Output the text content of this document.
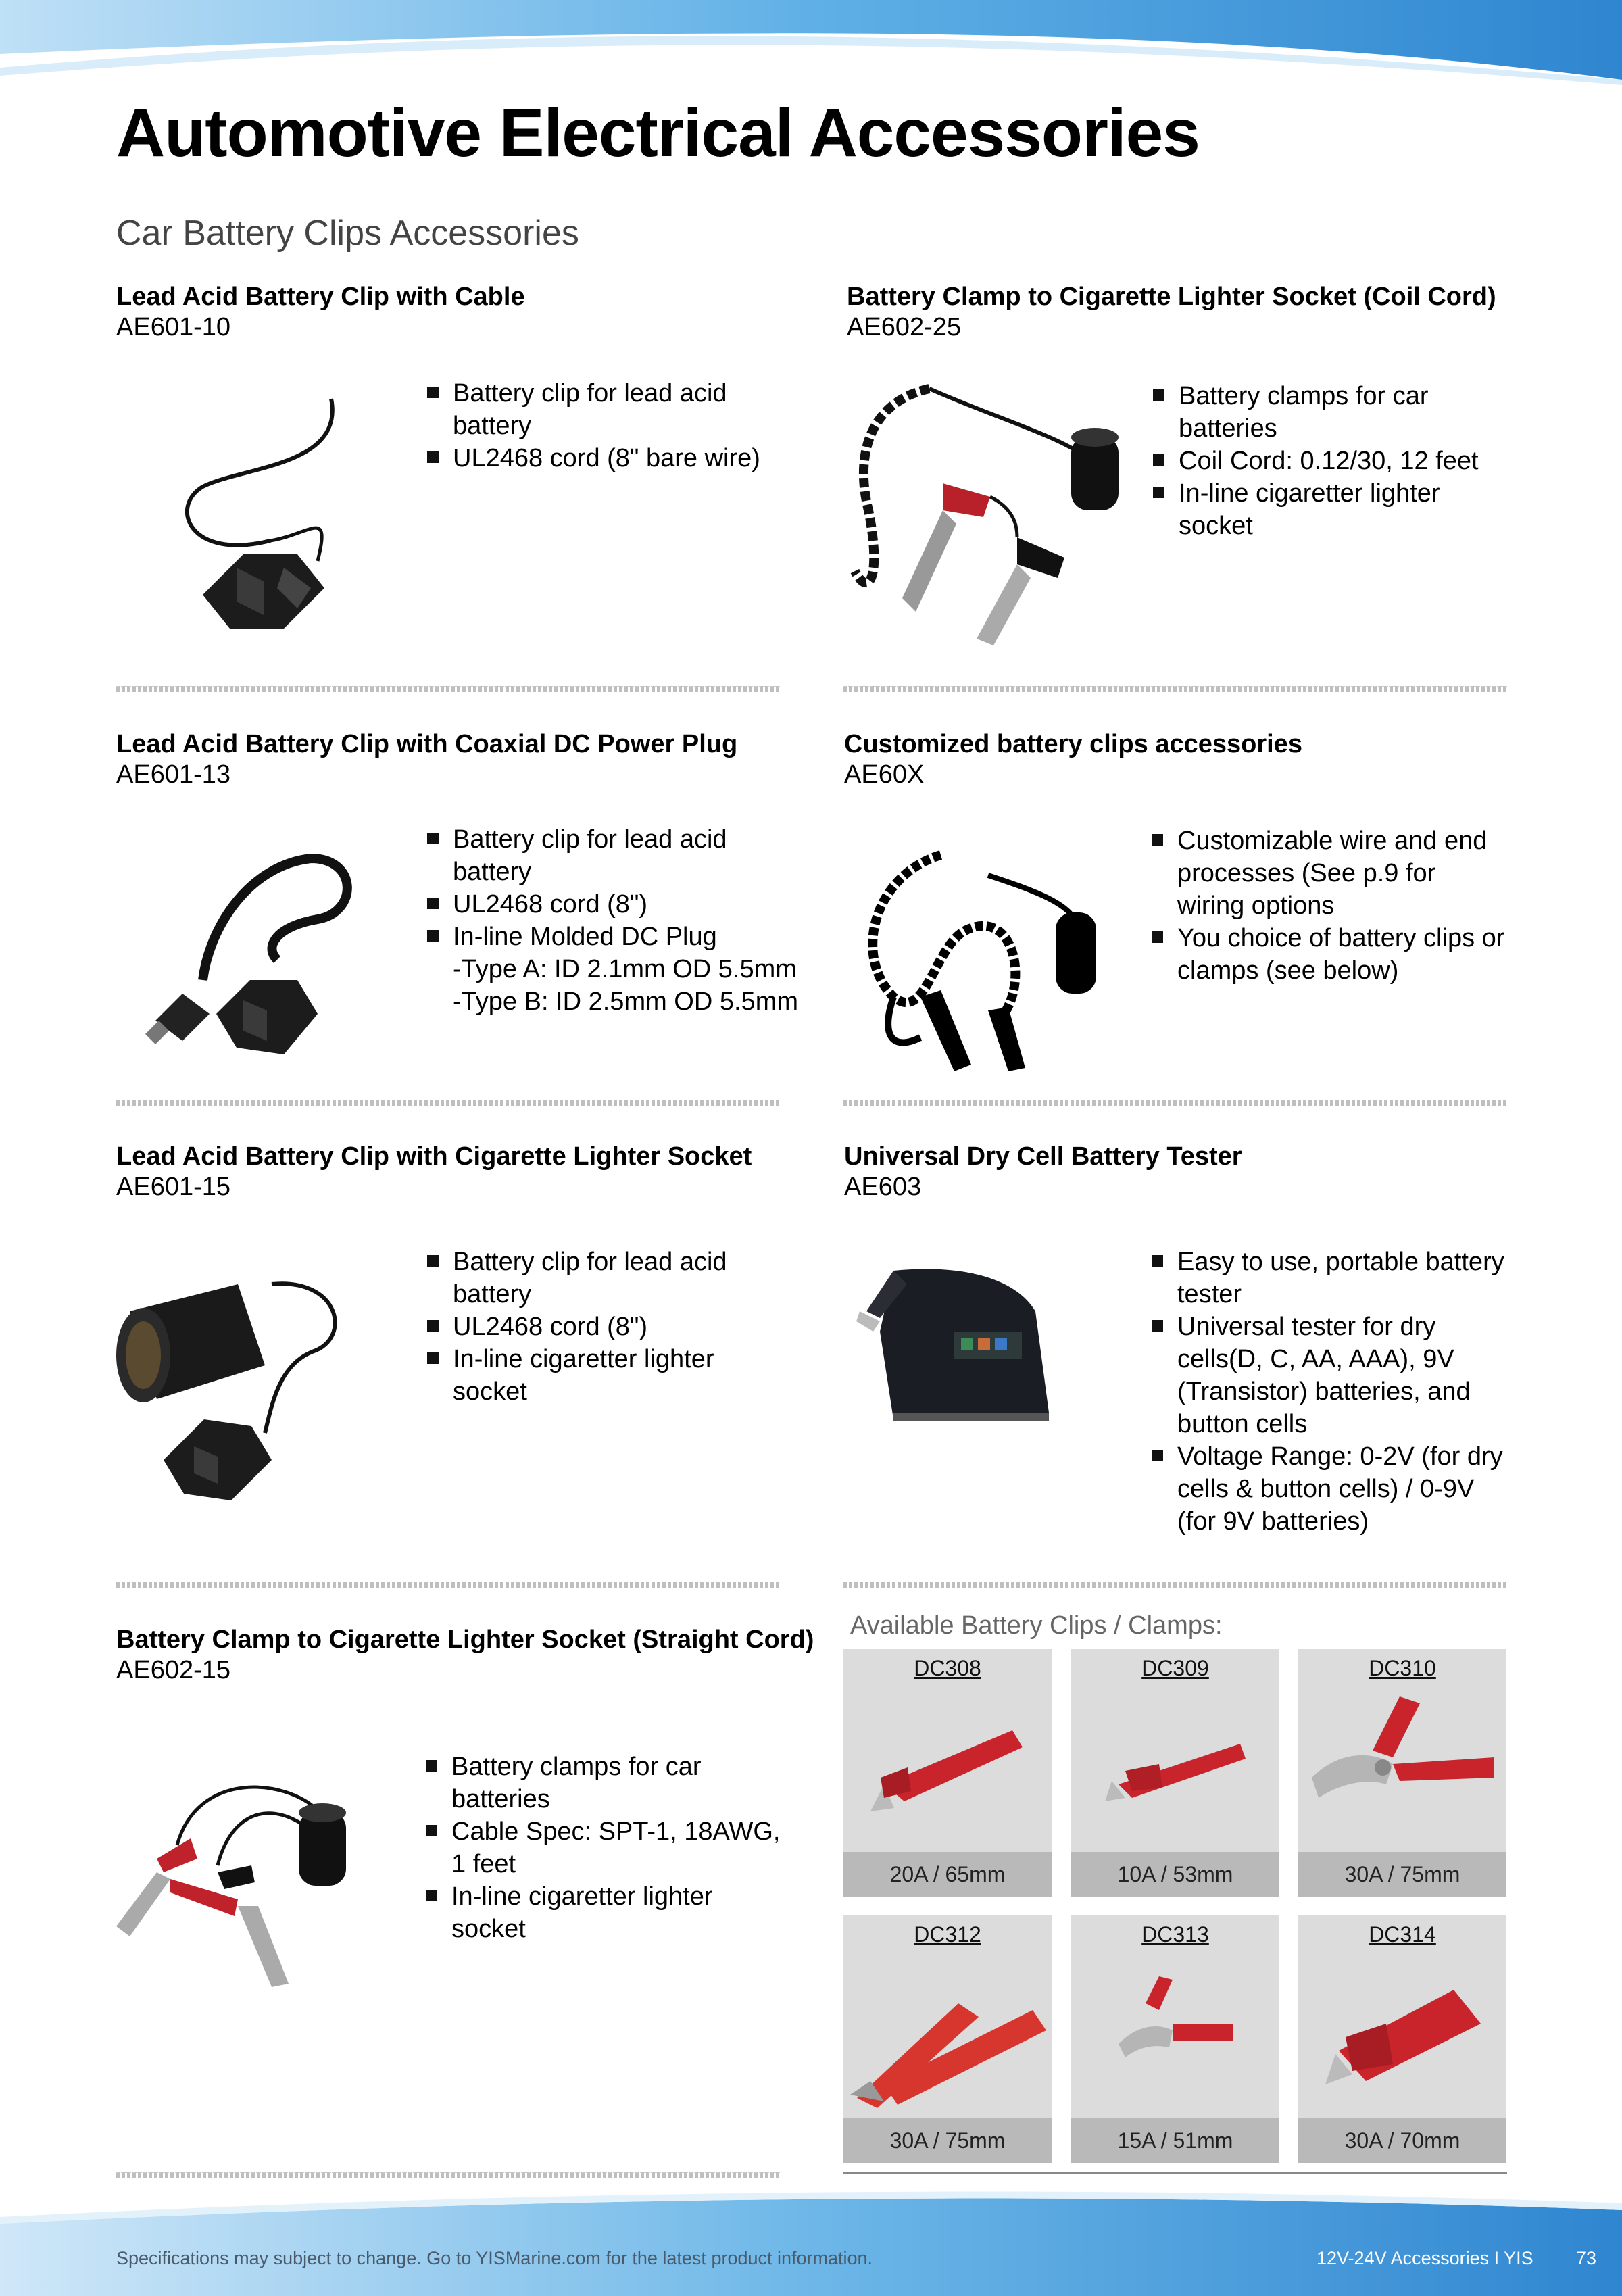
Automotive Electrical Accessories
Car Battery Clips Accessories
Lead Acid Battery Clip with Cable
AE601-10
Battery clip for lead acid battery
UL2468 cord (8" bare wire)
Battery Clamp to Cigarette Lighter Socket (Coil Cord)
AE602-25
Battery clamps for car batteries
Coil Cord: 0.12/30, 12 feet
In-line cigaretter lighter socket
Lead Acid Battery Clip with Coaxial DC Power Plug
AE601-13
Battery clip for lead acid battery
UL2468 cord (8")
In-line Molded DC Plug
-Type A: ID 2.1mm OD 5.5mm
-Type B: ID 2.5mm OD 5.5mm
Customized battery clips accessories
AE60X
Customizable wire and end processes (See p.9 for wiring options
You choice of battery clips or clamps (see below)
Lead Acid Battery Clip with Cigarette Lighter Socket
AE601-15
Battery clip for lead acid battery
UL2468 cord (8")
In-line cigaretter lighter socket
Universal Dry Cell Battery Tester
AE603
Easy to use, portable battery tester
Universal tester for dry cells(D, C, AA, AAA), 9V (Transistor) batteries, and button cells
Voltage Range: 0-2V (for dry cells & button cells) / 0-9V (for 9V batteries)
Battery Clamp to Cigarette Lighter Socket (Straight Cord)
AE602-15
Battery clamps for car batteries
Cable Spec: SPT-1, 18AWG, 1 feet
In-line cigaretter lighter socket
Available Battery Clips / Clamps:
DC308
20A / 65mm
DC309
10A / 53mm
DC310
30A / 75mm
DC312
30A / 75mm
DC313
15A / 51mm
DC314
30A / 70mm
Specifications may subject to change. Go to YISMarine.com for the latest product information.	12V-24V Accessories I YIS 73
